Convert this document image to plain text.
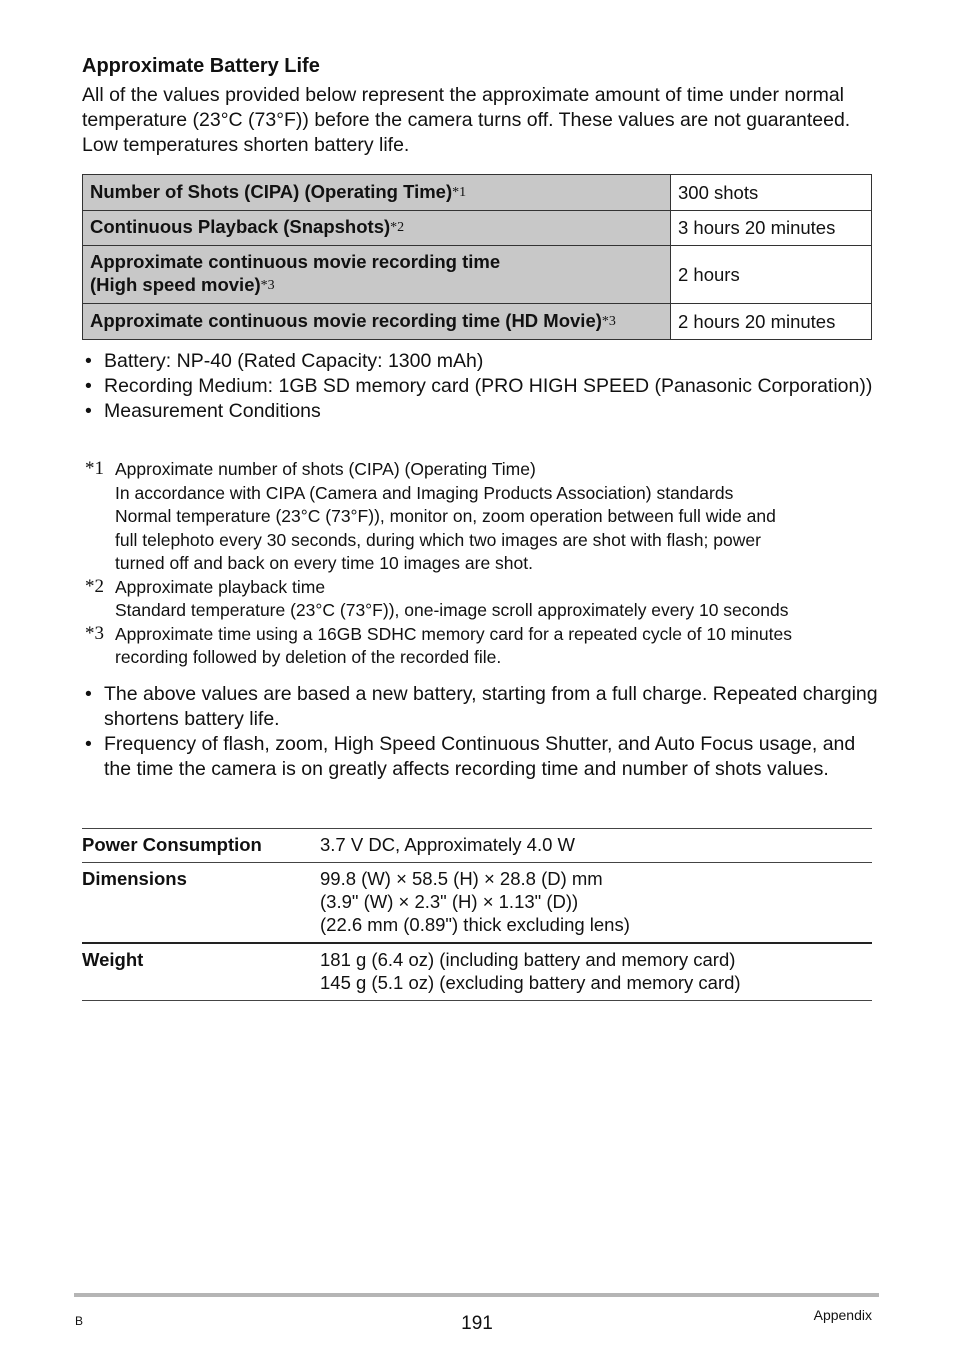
Approximate Battery Life

All of the values provided below represent the approximate amount of time under normal temperature (23°C (73°F)) before the camera turns off. These values are not guaranteed. Low temperatures shorten battery life.

Number of Shots (CIPA) (Operating Time)*1	300 shots
Continuous Playback (Snapshots)*2	3 hours 20 minutes
Approximate continuous movie recording time
(High speed movie)*3	2 hours
Approximate continuous movie recording time (HD Movie)*3	2 hours 20 minutes
• Battery: NP-40 (Rated Capacity: 1300 mAh)
• Recording Medium: 1GB SD memory card (PRO HIGH SPEED (Panasonic Corporation))
• Measurement Conditions
*1 Approximate number of shots (CIPA) (Operating Time)
In accordance with CIPA (Camera and Imaging Products Association) standards
Normal temperature (23°C (73°F)), monitor on, zoom operation between full wide and
full telephoto every 30 seconds, during which two images are shot with flash; power
turned off and back on every time 10 images are shot.
*2 Approximate playback time
Standard temperature (23°C (73°F)), one-image scroll approximately every 10 seconds
*3 Approximate time using a 16GB SDHC memory card for a repeated cycle of 10 minutes
recording followed by deletion of the recorded file.
• The above values are based a new battery, starting from a full charge. Repeated charging shortens battery life.
• Frequency of flash, zoom, High Speed Continuous Shutter, and Auto Focus usage, and the time the camera is on greatly affects recording time and number of shots values.
Power Consumption	3.7 V DC, Approximately 4.0 W
Dimensions	99.8 (W) × 58.5 (H) × 28.8 (D) mm
(3.9" (W) × 2.3" (H) × 1.13" (D))
(22.6 mm (0.89") thick excluding lens)
Weight	181 g (6.4 oz) (including battery and memory card)
145 g (5.1 oz) (excluding battery and memory card)
B	191	Appendix
